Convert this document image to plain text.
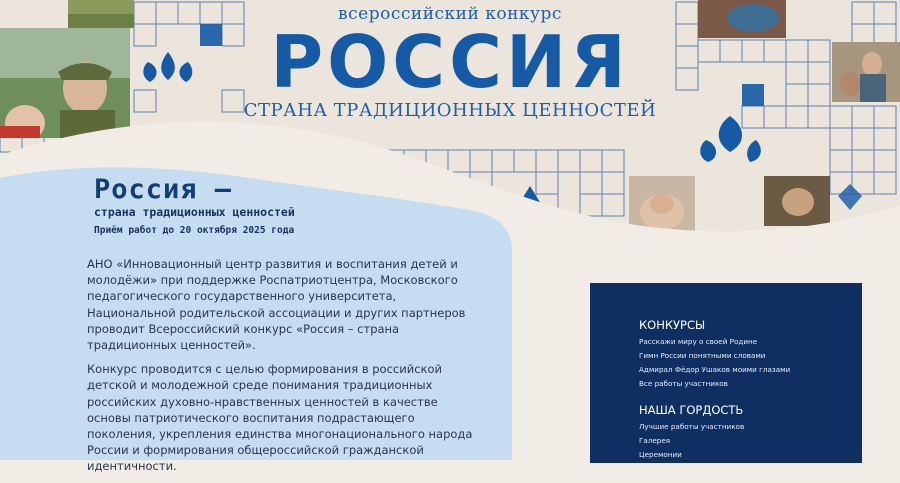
всероссийский конкурс
РОССИЯ
СТРАНА ТРАДИЦИОННЫХ ЦЕННОСТЕЙ
Россия –
страна традиционных ценностей
Приём работ до 20 октября 2025 года

АНО «Инновационный центр развития и воспитания детей и молодёжи» при поддержке Роспатриотцентра, Московского педагогического государственного университета, Национальной родительской ассоциации и других партнеров проводит Всероссийский конкурс «Россия – страна традиционных ценностей».

Конкурс проводится с целью формирования в российской детской и молодежной среде понимания традиционных российских духовно-нравственных ценностей в качестве основы патриотического воспитания подрастающего поколения, укрепления единства многонационального народа России и формирования общероссийской гражданской идентичности.

КОНКУРСЫ
Расскажи миру о своей Родине
Гимн России понятными словами
Адмирал Фёдор Ушаков моими глазами
Все работы участников
НАША ГОРДОСТЬ
Лучшие работы участников
Галерея
Церемонии
